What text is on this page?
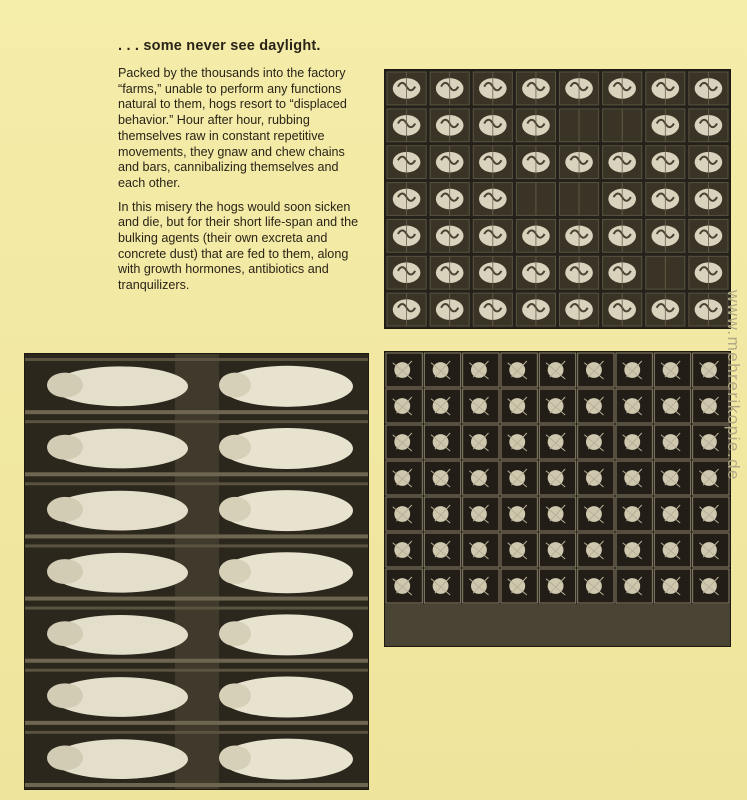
. . . some never see daylight.

Packed by the thousands into the factory “farms,” unable to perform any functions natural to them, hogs resort to “displaced behavior.” Hour after hour, rubbing themselves raw in constant repetitive movements, they gnaw and chew chains and bars, cannibalizing themselves and each other.

In this misery the hogs would soon sicken and die, but for their short life-span and the bulking agents (their own excreta and concrete dust) that are fed to them, along with growth hormones, antibiotics and tranquilizers.

www.mehrerikopie.de
